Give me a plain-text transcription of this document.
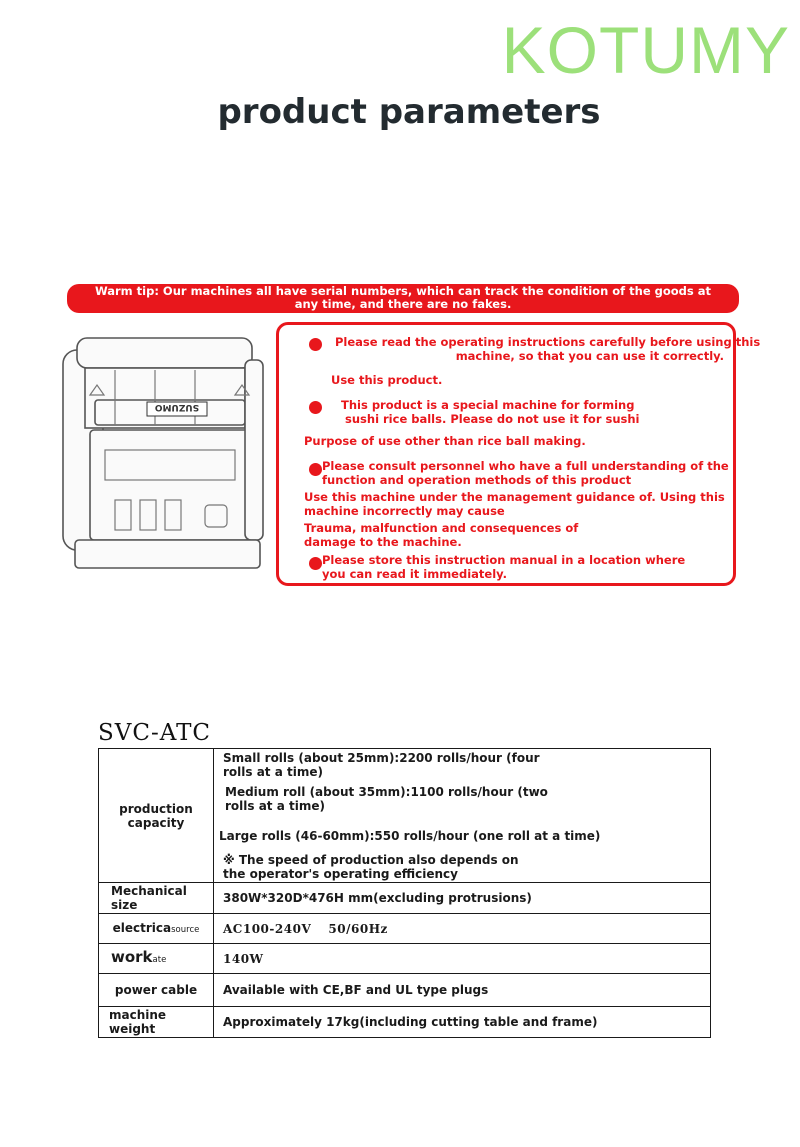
KOTUMY
product parameters
Warm tip: Our machines all have serial numbers, which can track the condition of the goods at
any time, and there are no fakes.
SUZUMO
Please read the operating instructions carefully before using this
machine, so that you can use it correctly.
Use this product.
This product is a special machine for forming
sushi rice balls. Please do not use it for sushi
Purpose of use other than rice ball making.
Please consult personnel who have a full understanding of the
function and operation methods of this product
Use this machine under the management guidance of. Using this
machine incorrectly may cause
Trauma, malfunction and consequences of
damage to the machine.
Please store this instruction manual in a location where
you can read it immediately.
SVC-ATC
production capacity	Small rolls (about 25mm):2200 rolls/hour (four rolls at a time)

Medium roll (about 35mm):1100 rolls/hour (two rolls at a time)

Large rolls (46-60mm):550 rolls/hour (one roll at a time)

※ The speed of production also depends on the operator's operating efficiency

Mechanical size	380W*320D*476H mm(excluding protrusions)
electricasource	AC100-240V　 50/60Hz
workate	140W
power cable	Available with CE,BF and UL type plugs
machine weight	Approximately 17kg(including cutting table and frame)
